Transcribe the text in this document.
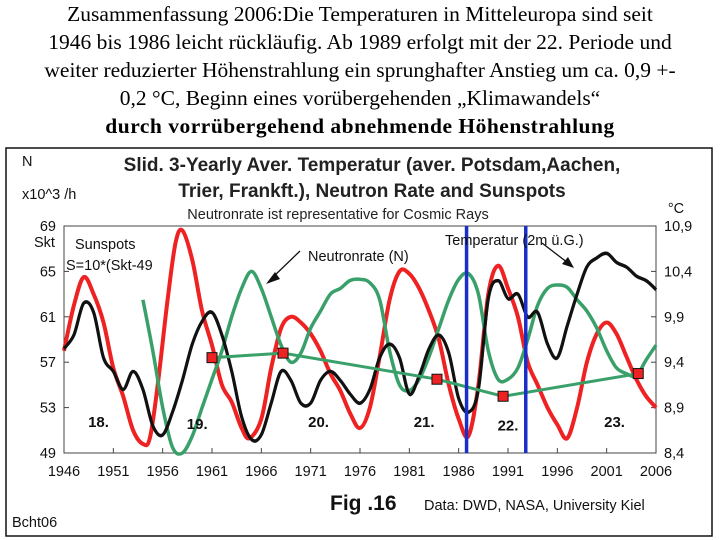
Zusammenfassung 2006:Die Temperaturen in Mitteleuropa sind seit
1946 bis 1986 leicht rückläufig. Ab 1989 erfolgt mit der 22. Periode und
weiter reduzierter Höhenstrahlung ein sprunghafter Anstieg um ca. 0,9 +-
0,2 °C, Beginn eines vorübergehenden „Klimawandels“
durch vorrübergehend abnehmende Höhenstrahlung
Slid. 3-Yearly Aver. Temperatur (aver. Potsdam,Aachen,
Trier, Frankft.), Neutron Rate and Sunspots
Neutronrate ist representative for Cosmic Rays
N
x10^3 /h
Skt
°C
69
65
61
57
53
49
10,9
10,4
9,9
9,4
8,9
8,4
1946 1951 1956 1961 1966 1971 1976 1981 1986 1991 1996 2001 2006
18.	19.	20.	21.	22.	23.
Sunspots
S=10*(Skt-49
Neutronrate (N)
Temperatur (2m ü.G.)
Fig .16 Data: DWD, NASA, University Kiel
Bcht06
